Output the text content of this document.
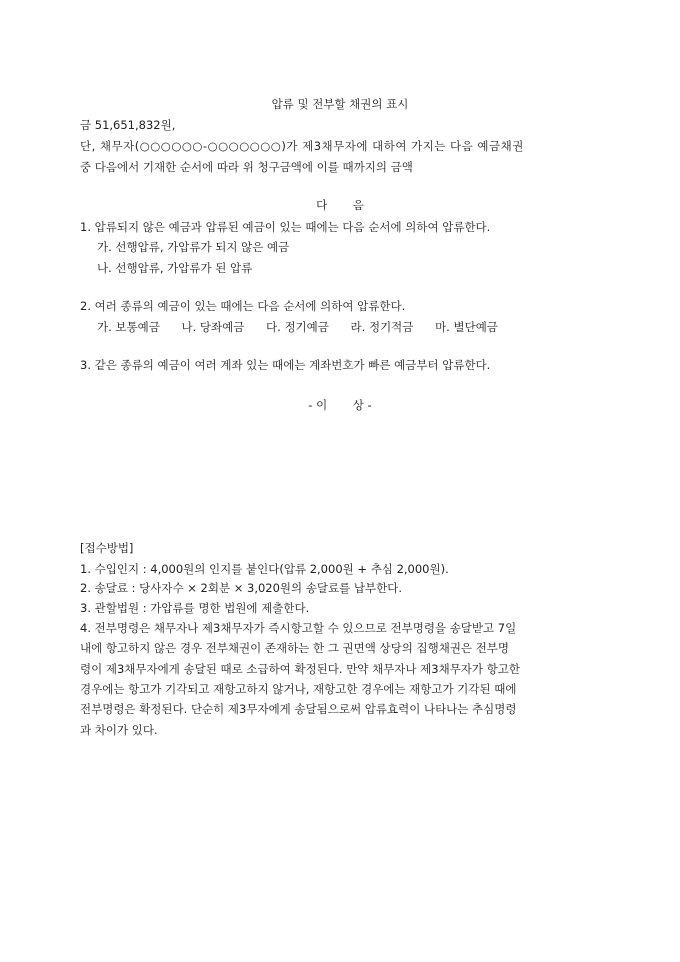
압류 및 전부할 채권의 표시
금 51,651,832원,
단, 채무자(○○○○○○-○○○○○○○)가 제3채무자에 대하여 가지는 다음 예금채권
중 다음에서 기재한 순서에 따라 위 청구금액에 이를 때까지의 금액
다       음
1. 압류되지 않은 예금과 압류된 예금이 있는 때에는 다음 순서에 의하여 압류한다.
가. 선행압류, 가압류가 되지 않은 예금
나. 선행압류, 가압류가 된 압류
2. 여러 종류의 예금이 있는 때에는 다음 순서에 의하여 압류한다.
가. 보통예금 나. 당좌예금 다. 정기예금 라. 정기적금 마. 별단예금
3. 같은 종류의 예금이 여러 계좌 있는 때에는 계좌번호가 빠른 예금부터 압류한다.
- 이       상 -
[접수방법]
1. 수입인지 : 4,000원의 인지를 붙인다(압류 2,000원 + 추심 2,000원).
2. 송달료 : 당사자수 × 2회분 × 3,020원의 송달료를 납부한다.
3. 관할법원 : 가압류를 명한 법원에 제출한다.
4. 전부명령은 채무자나 제3채무자가 즉시항고할 수 있으므로 전부명령을 송달받고 7일
내에 항고하지 않은 경우 전부채권이 존재하는 한 그 권면액 상당의 집행채권은 전부명
령이 제3채무자에게 송달된 때로 소급하여 확정된다. 만약 채무자나 제3채무자가 항고한
경우에는 항고가 기각되고 재항고하지 않거나, 재항고한 경우에는 재항고가 기각된 때에
전부명령은 확정된다. 단순히 제3무자에게 송달됨으로써 압류효력이 나타나는 추심명령
과 차이가 있다.
